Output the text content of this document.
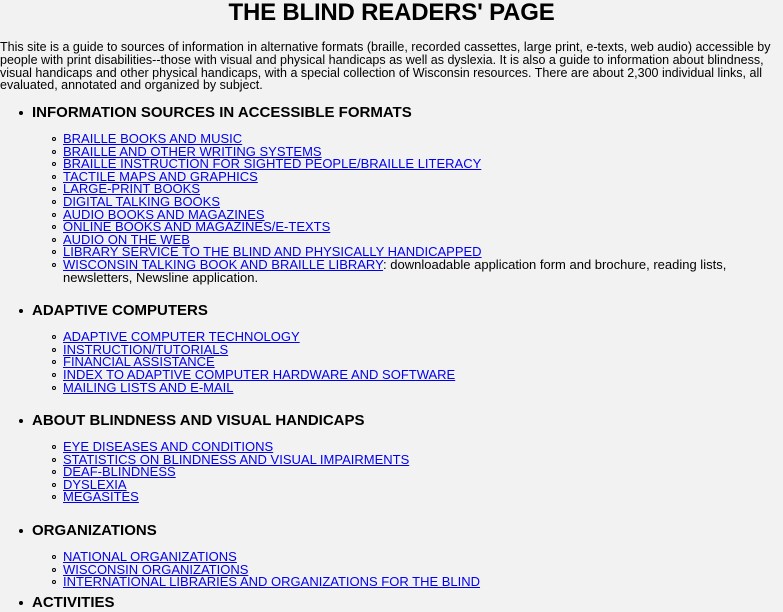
THE BLIND READERS' PAGE

This site is a guide to sources of information in alternative formats (braille, recorded cassettes, large print, e-texts, web audio) accessible by people with print disabilities--those with visual and physical handicaps as well as dyslexia. It is also a guide to information about blindness, visual handicaps and other physical handicaps, with a special collection of Wisconsin resources. There are about 2,300 individual links, all evaluated, annotated and organized by subject.

INFORMATION SOURCES IN ACCESSIBLE FORMATS
BRAILLE BOOKS AND MUSIC
BRAILLE AND OTHER WRITING SYSTEMS
BRAILLE INSTRUCTION FOR SIGHTED PEOPLE/BRAILLE LITERACY
TACTILE MAPS AND GRAPHICS
LARGE-PRINT BOOKS
DIGITAL TALKING BOOKS
AUDIO BOOKS AND MAGAZINES
ONLINE BOOKS AND MAGAZINES/E-TEXTS
AUDIO ON THE WEB
LIBRARY SERVICE TO THE BLIND AND PHYSICALLY HANDICAPPED
WISCONSIN TALKING BOOK AND BRAILLE LIBRARY: downloadable application form and brochure, reading lists, newsletters, Newsline application.
ADAPTIVE COMPUTERS
ADAPTIVE COMPUTER TECHNOLOGY
INSTRUCTION/TUTORIALS
FINANCIAL ASSISTANCE
INDEX TO ADAPTIVE COMPUTER HARDWARE AND SOFTWARE
MAILING LISTS AND E-MAIL
ABOUT BLINDNESS AND VISUAL HANDICAPS
EYE DISEASES AND CONDITIONS
STATISTICS ON BLINDNESS AND VISUAL IMPAIRMENTS
DEAF-BLINDNESS
DYSLEXIA
MEGASITES
ORGANIZATIONS
NATIONAL ORGANIZATIONS
WISCONSIN ORGANIZATIONS
INTERNATIONAL LIBRARIES AND ORGANIZATIONS FOR THE BLIND
ACTIVITIES
